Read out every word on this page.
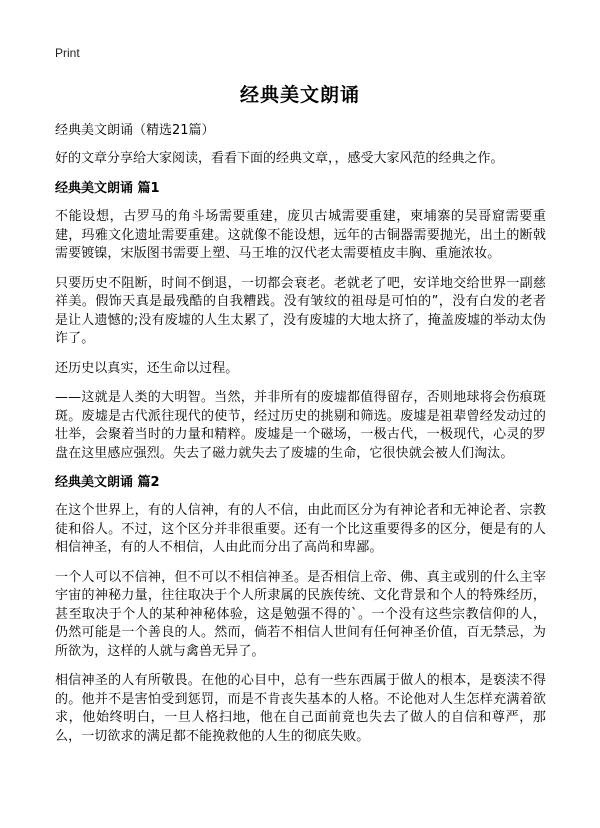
Print
经典美文朗诵

经典美文朗诵（精选21篇）

好的文章分享给大家阅读，看看下面的经典文章，，感受大家风范的经典之作。

经典美文朗诵 篇1

不能设想，古罗马的角斗场需要重建，庞贝古城需要重建，柬埔寨的吴哥窟需要重建，玛雅文化遗址需要重建。这就像不能设想，远年的古铜器需要抛光，出土的断戟需要镀镍，宋版图书需要上塑、马王堆的汉代老太需要植皮丰胸、重施浓妆。

只要历史不阻断，时间不倒退，一切都会衰老。老就老了吧，安详地交给世界一副慈祥美。假饰天真是最残酷的自我糟践。没有皱纹的祖母是可怕的”，没有白发的老者是让人遗憾的;没有废墟的人生太累了，没有废墟的大地太挤了，掩盖废墟的举动太伪诈了。

还历史以真实，还生命以过程。

——这就是人类的大明智。当然，并非所有的废墟都值得留存，否则地球将会伤痕斑斑。废墟是古代派往现代的使节，经过历史的挑剔和筛选。废墟是祖辈曾经发动过的壮举，会聚着当时的力量和精粹。废墟是一个磁场，一极古代，一极现代，心灵的罗盘在这里感应强烈。失去了磁力就失去了废墟的生命，它很快就会被人们淘汰。

经典美文朗诵 篇2

在这个世界上，有的人信神，有的人不信，由此而区分为有神论者和无神论者、宗教徒和俗人。不过，这个区分并非很重要。还有一个比这重要得多的区分，便是有的人相信神圣，有的人不相信，人由此而分出了高尚和卑鄙。

一个人可以不信神，但不可以不相信神圣。是否相信上帝、佛、真主或别的什么主宰宇宙的神秘力量，往往取决于个人所隶属的民族传统、文化背景和个人的特殊经历，甚至取决于个人的某种神秘体验，这是勉强不得的`。一个没有这些宗教信仰的人，仍然可能是一个善良的人。然而，倘若不相信人世间有任何神圣价值，百无禁忌，为所欲为，这样的人就与禽兽无异了。

相信神圣的人有所敬畏。在他的心目中，总有一些东西属于做人的根本，是亵渎不得的。他并不是害怕受到惩罚，而是不肯丧失基本的人格。不论他对人生怎样充满着欲求，他始终明白，一旦人格扫地，他在自己面前竟也失去了做人的自信和尊严，那么，一切欲求的满足都不能挽救他的人生的彻底失败。
